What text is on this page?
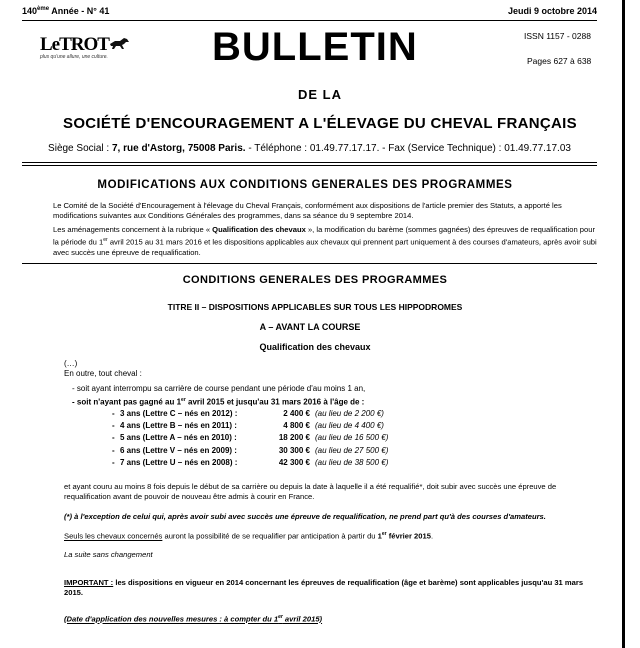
140ème Année - N° 41	Jeudi 9 octobre 2014
LeTROT
plus qu'une allure, une culture.	BULLETIN	ISSN 1157 - 0288
Pages 627 à 638
DE LA
SOCIÉTÉ D'ENCOURAGEMENT A L'ÉLEVAGE DU CHEVAL FRANÇAIS
Siège Social : 7, rue d'Astorg, 75008 Paris. - Téléphone : 01.49.77.17.17. - Fax (Service Technique) : 01.49.77.17.03
MODIFICATIONS AUX CONDITIONS GENERALES DES PROGRAMMES
Le Comité de la Société d'Encouragement à l'élevage du Cheval Français, conformément aux dispositions de l'article premier des Statuts, a apporté les modifications suivantes aux Conditions Générales des programmes, dans sa séance du 9 septembre 2014.
Les aménagements concernent à la rubrique « Qualification des chevaux », la modification du barème (sommes gagnées) des épreuves de requalification pour la période du 1er avril 2015 au 31 mars 2016 et les dispositions applicables aux chevaux qui prennent part uniquement à des courses d'amateurs, après avoir subi avec succès une épreuve de requalification.
CONDITIONS GENERALES DES PROGRAMMES
TITRE II – DISPOSITIONS APPLICABLES SUR TOUS LES HIPPODROMES
A – AVANT LA COURSE
Qualification des chevaux
(…)
En outre, tout cheval :
- soit ayant interrompu sa carrière de course pendant une période d'au moins 1 an,
- soit n'ayant pas gagné au 1er avril 2015 et jusqu'au 31 mars 2016 à l'âge de :
- 3 ans (Lettre C – nés en 2012) :	2 400 € (au lieu de 2 200 €)
- 4 ans (Lettre B – nés en 2011) :	4 800 € (au lieu de 4 400 €)
- 5 ans (Lettre A – nés en 2010) :	18 200 € (au lieu de 16 500 €)
- 6 ans (Lettre V – nés en 2009) :	30 300 € (au lieu de 27 500 €)
- 7 ans (Lettre U – nés en 2008) :	42 300 € (au lieu de 38 500 €)
et ayant couru au moins 8 fois depuis le début de sa carrière ou depuis la date à laquelle il a été requalifié*, doit subir avec succès une épreuve de requalification avant de pouvoir de nouveau être admis à courir en France.
(*) à l'exception de celui qui, après avoir subi avec succès une épreuve de requalification, ne prend part qu'à des courses d'amateurs.
Seuls les chevaux concernés auront la possibilité de se requalifier par anticipation à partir du 1er février 2015.
La suite sans changement
IMPORTANT : les dispositions en vigueur en 2014 concernant les épreuves de requalification (âge et barème) sont applicables jusqu'au 31 mars 2015.
(Date d'application des nouvelles mesures : à compter du 1er avril 2015)
